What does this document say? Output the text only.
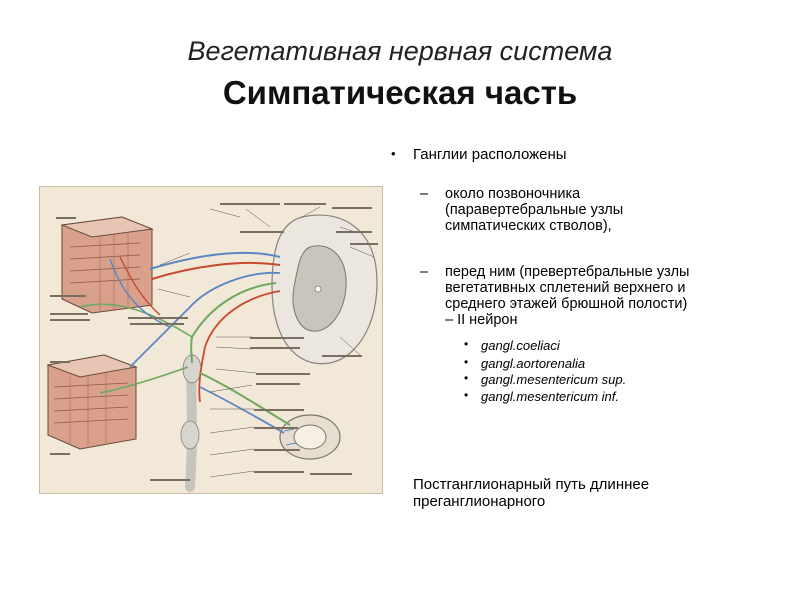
Вегетативная нервная система
Симпатическая часть
• Ганглии расположены
– около позвоночника
(паравертебральные узлы
симпатических стволов),
– перед ним (превертебральные узлы
вегетативных сплетений верхнего и
среднего этажей брюшной полости)
– II нейрон
• gangl.coeliaci
• gangl.aortorenalia
• gangl.mesentericum sup.
• gangl.mesentericum inf.
Постганглионарный путь длиннее
преганглионарного
